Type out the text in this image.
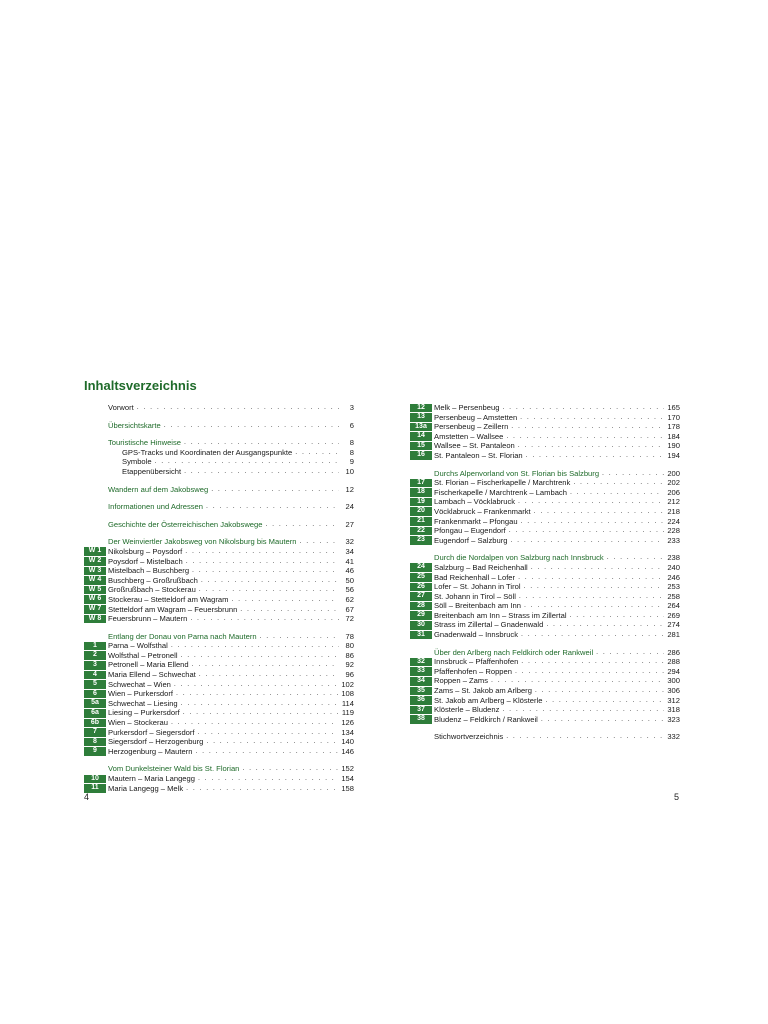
Inhaltsverzeichnis
Vorwort . . .	3
Übersichtskarte . . .	6
Touristische Hinweise . . .	8
GPS-Tracks und Koordinaten der Ausgangspunkte . . .	8
Symbole . . .	9
Etappenübersicht . . .	10
Wandern auf dem Jakobsweg . . .	12
Informationen und Adressen . . .	24
Geschichte der Österreichischen Jakobswege . . .	27
Der Weinviertler Jakobsweg von Nikolsburg bis Mautern . . .	32
W 1 Nikolsburg – Poysdorf . . .	34
W 2 Poysdorf – Mistelbach . . .	41
W 3 Mistelbach – Buschberg . . .	46
W 4 Buschberg – Großrußbach . . .	50
W 5 Großrußbach – Stockerau . . .	56
W 6 Stockerau – Stetteldorf am Wagram . . .	62
W 7 Stetteldorf am Wagram – Feuersbrunn . . .	67
W 8 Feuersbrunn – Mautern . . .	72
Entlang der Donau von Parna nach Mautern . . .	78
1	Parna – Wolfsthal . . .	80
2	Wolfsthal – Petronell . . .	86
3	Petronell – Maria Ellend . . .	92
4	Maria Ellend – Schwechat . . .	96
5	Schwechat – Wien . . .	102
6	Wien – Purkersdorf . . .	108
5a	Schwechat – Liesing . . .	114
6a	Liesing – Purkersdorf . . .	119
6b	Wien – Stockerau . . .	126
7	Purkersdorf – Siegersdorf . . .	134
8	Siegersdorf – Herzogenburg . . .	140
9	Herzogenburg – Mautern . . .	146
Vom Dunkelsteiner Wald bis St. Florian . . .	152
10	Mautern – Maria Langegg . . .	154
11	Maria Langegg – Melk . . .	158
12	Melk – Persenbeug . . .	165
13	Persenbeug – Amstetten . . .	170
13a Persenbeug – Zeillern . . .	178
14	Amstetten – Wallsee . . .	184
15	Wallsee – St. Pantaleon . . .	190
16	St. Pantaleon – St. Florian . . .	194
Durchs Alpenvorland von St. Florian bis Salzburg . . .	200
17	St. Florian – Fischerkapelle / Marchtrenk . . .	202
18	Fischerkapelle / Marchtrenk – Lambach . . .	206
19	Lambach – Vöcklabruck . . .	212
20	Vöcklabruck – Frankenmarkt . . .	218
21	Frankenmarkt – Pfongau . . .	224
22	Pfongau – Eugendorf . . .	228
23	Eugendorf – Salzburg . . .	233
Durch die Nordalpen von Salzburg nach Innsbruck . . .	238
24	Salzburg – Bad Reichenhall . . .	240
25	Bad Reichenhall – Lofer . . .	246
26	Lofer – St. Johann in Tirol . . .	253
27	St. Johann in Tirol – Söll . . .	258
28	Söll – Breitenbach am Inn . . .	264
29	Breitenbach am Inn – Strass im Zillertal . . .	269
30	Strass im Zillertal – Gnadenwald . . .	274
31	Gnadenwald – Innsbruck . . .	281
Über den Arlberg nach Feldkirch oder Rankweil . . .	286
32	Innsbruck – Pfaffenhofen . . .	288
33	Pfaffenhofen – Roppen . . .	294
34	Roppen – Zams . . .	300
35	Zams – St. Jakob am Arlberg . . .	306
36	St. Jakob am Arlberg – Klösterle . . .	312
37	Klösterle – Bludenz . . .	318
38	Bludenz – Feldkirch / Rankweil . . .	323
Stichwortverzeichnis . . .	332
4	5
